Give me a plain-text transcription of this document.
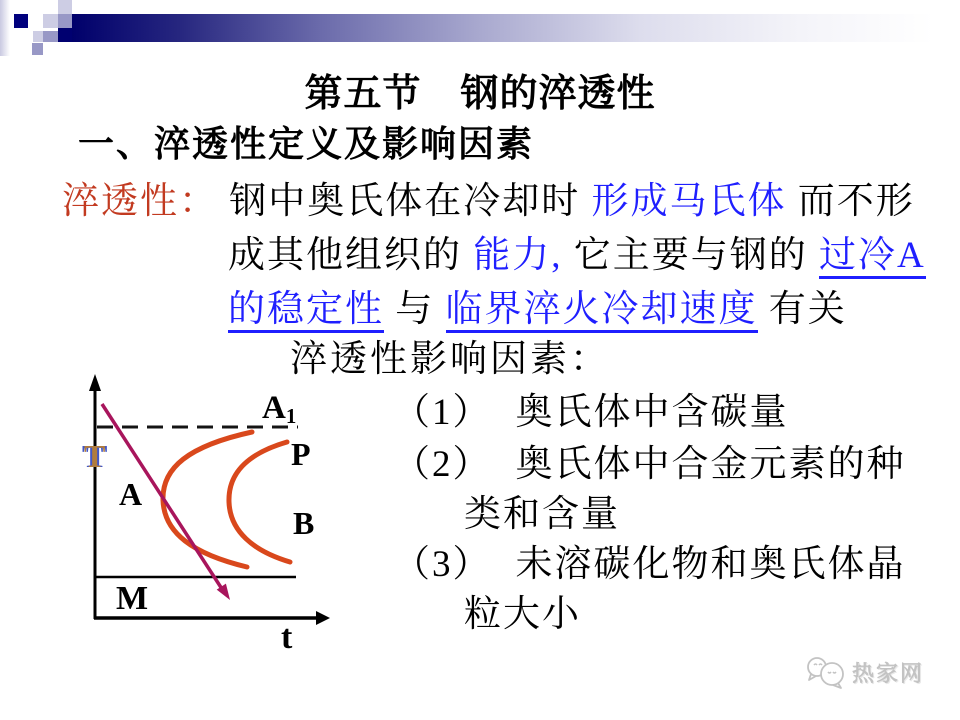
第五节　钢的淬透性
一、淬透性定义及影响因素
淬透性： 钢中奥氏体在冷却时 形成马氏体 而不形
成其他组织的 能力, 它主要与钢的 过冷A
的稳定性 与 临界淬火冷却速度 有关
淬透性影响因素：
（1） 奥氏体中含碳量
（2） 奥氏体中合金元素的种
类和含量
（3） 未溶碳化物和奥氏体晶
粒大小
$A_1$
T
A
P
B
M
t
热家网
